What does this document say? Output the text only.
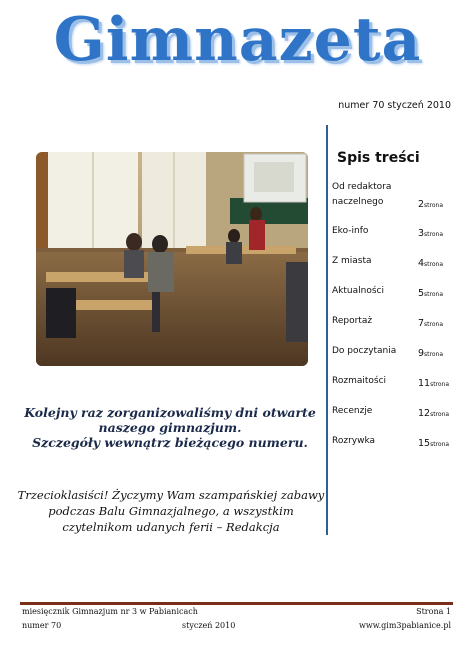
Gimnazeta
numer 70 styczeń 2010
Kolejny raz zorganizowaliśmy dni otwarte
naszego gimnazjum.
Szczegóły wewnątrz bieżącego numeru.
Trzecioklasiści! Życzymy Wam szampańskiej zabawy
podczas Balu Gimnazjalnego, a wszystkim
czytelnikom udanych ferii – Redakcja
Spis treści
Od redaktora
naczelnego	2strona
Eko-info	3strona
Z miasta	4strona
Aktualności	5strona
Reportaż	7strona
Do poczytania	9strona
Rozmaitości	11strona
Recenzje	12strona
Rozrywka	15strona
miesięcznik Gimnazjum nr 3 w Pabianicach	Strona 1
numer 70	styczeń 2010	www.gim3pabianice.pl
